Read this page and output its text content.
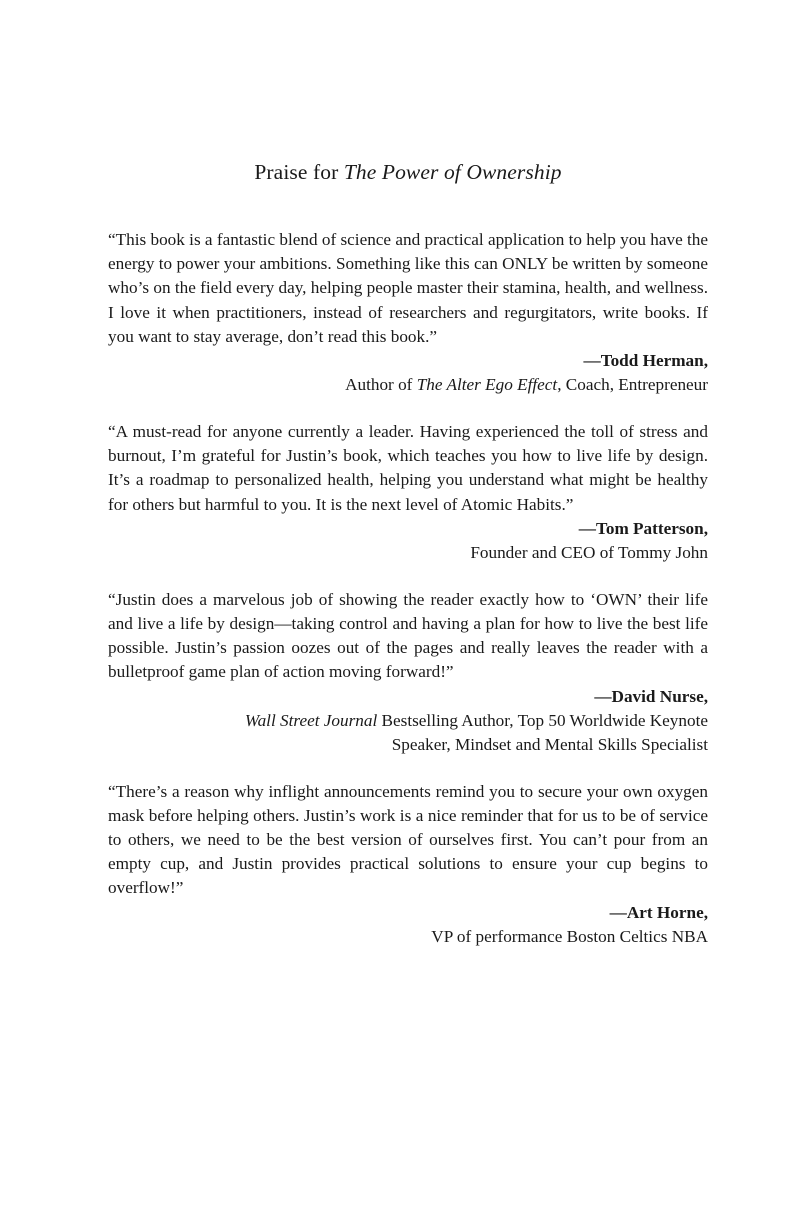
Praise for The Power of Ownership

“This book is a fantastic blend of science and practical application to help you have the energy to power your ambitions. Something like this can ONLY be written by someone who’s on the field every day, helping people master their stamina, health, and wellness. I love it when practitioners, instead of researchers and regurgitators, write books. If you want to stay average, don’t read this book.”

—Todd Herman,

Author of The Alter Ego Effect, Coach, Entrepreneur

“A must-read for anyone currently a leader. Having experienced the toll of stress and burnout, I’m grateful for Justin’s book, which teaches you how to live life by design. It’s a roadmap to personalized health, helping you understand what might be healthy for others but harmful to you. It is the next level of Atomic Habits.”

—Tom Patterson,

Founder and CEO of Tommy John

“Justin does a marvelous job of showing the reader exactly how to ‘OWN’ their life and live a life by design—taking control and having a plan for how to live the best life possible. Justin’s passion oozes out of the pages and really leaves the reader with a bulletproof game plan of action moving forward!”

—David Nurse,

Wall Street Journal Bestselling Author, Top 50 Worldwide Keynote

Speaker, Mindset and Mental Skills Specialist

“There’s a reason why inflight announcements remind you to secure your own oxygen mask before helping others. Justin’s work is a nice reminder that for us to be of service to others, we need to be the best version of ourselves first. You can’t pour from an empty cup, and Justin provides practical solutions to ensure your cup begins to overflow!”

—Art Horne,

VP of performance Boston Celtics NBA
